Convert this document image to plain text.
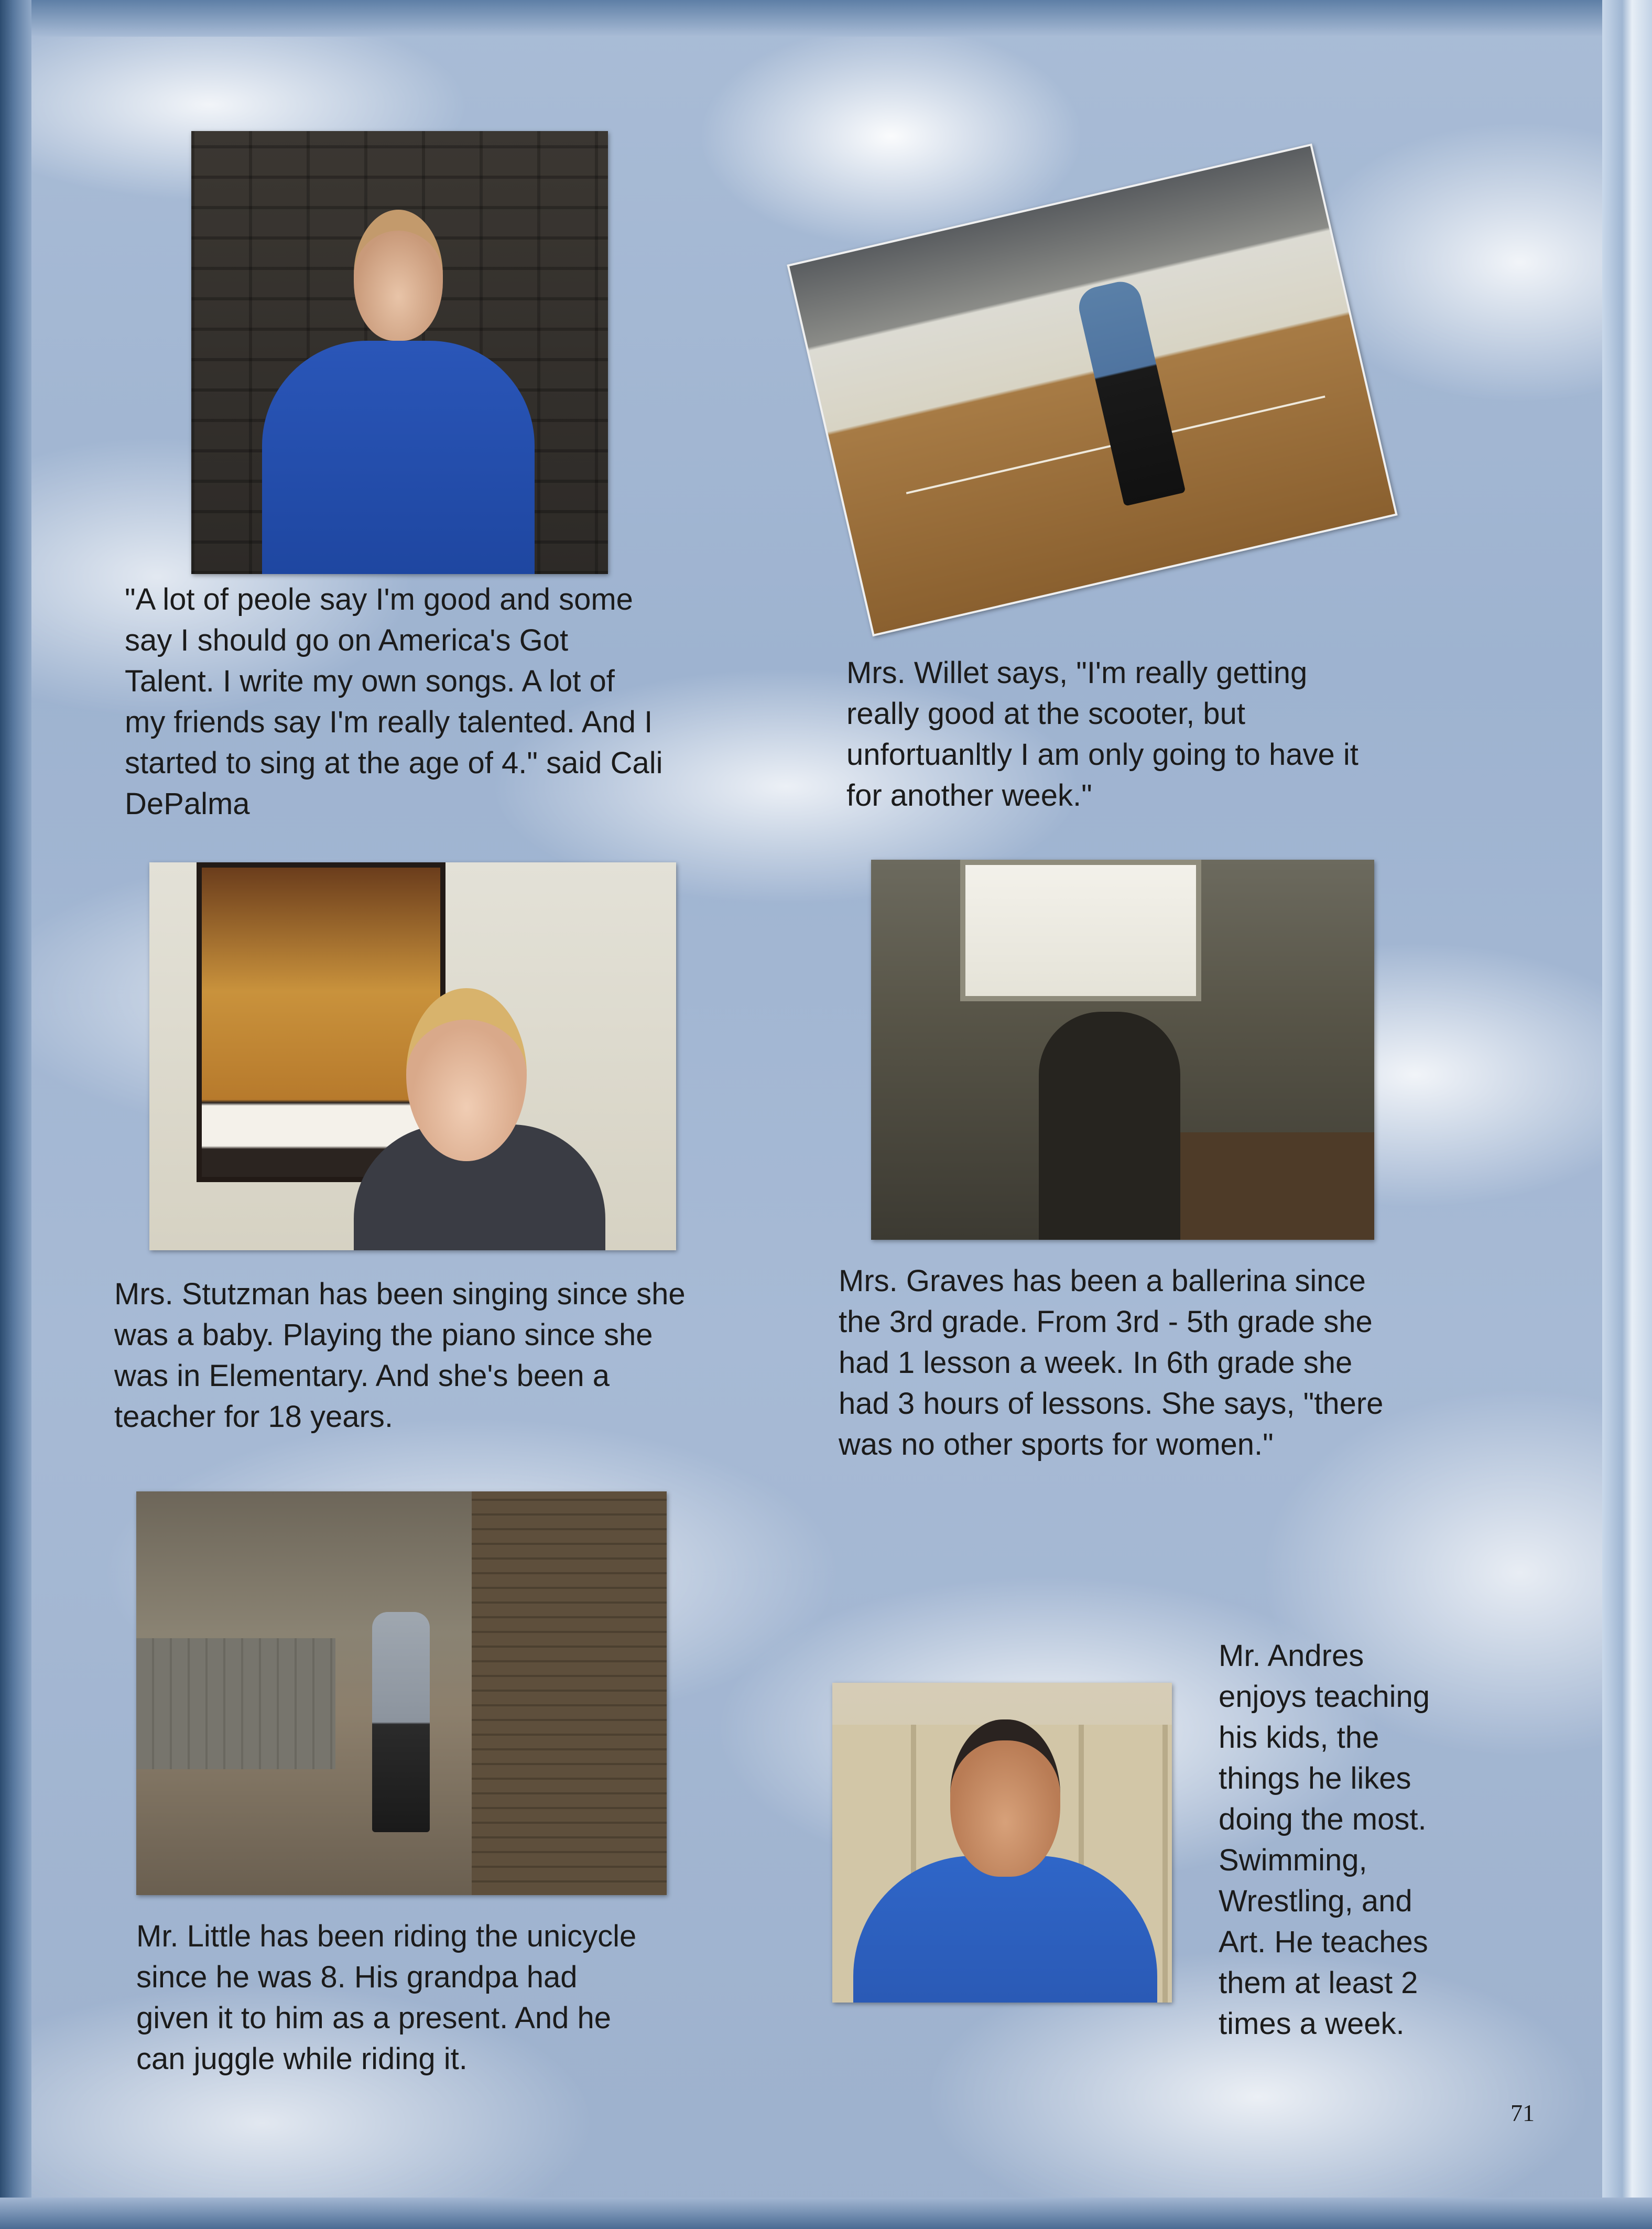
"A lot of peole say I'm good and some
say I should go on America's Got
Talent. I write my own songs. A lot of
my friends say I'm really talented. And I
started to sing at the age of 4." said Cali
DePalma

Mrs. Willet says, "I'm really getting
really good at the scooter, but
unfortuanltly I am only going to have it
for another week."

Mrs. Stutzman has been singing since she
was a baby. Playing the piano since she
was in Elementary. And she's been a
teacher for 18 years.

Mrs. Graves has been a ballerina since
the 3rd grade. From 3rd - 5th grade she
had 1 lesson a week. In 6th grade she
had 3 hours of lessons. She says, "there
was no other sports for women."

Mr. Little has been riding the unicycle
since he was 8. His grandpa had
given it to him as a present. And he
can juggle while riding it.

Mr. Andres
enjoys teaching
his kids, the
things he likes
doing the most.
Swimming,
Wrestling, and
Art. He teaches
them at least 2
times a week.

71
